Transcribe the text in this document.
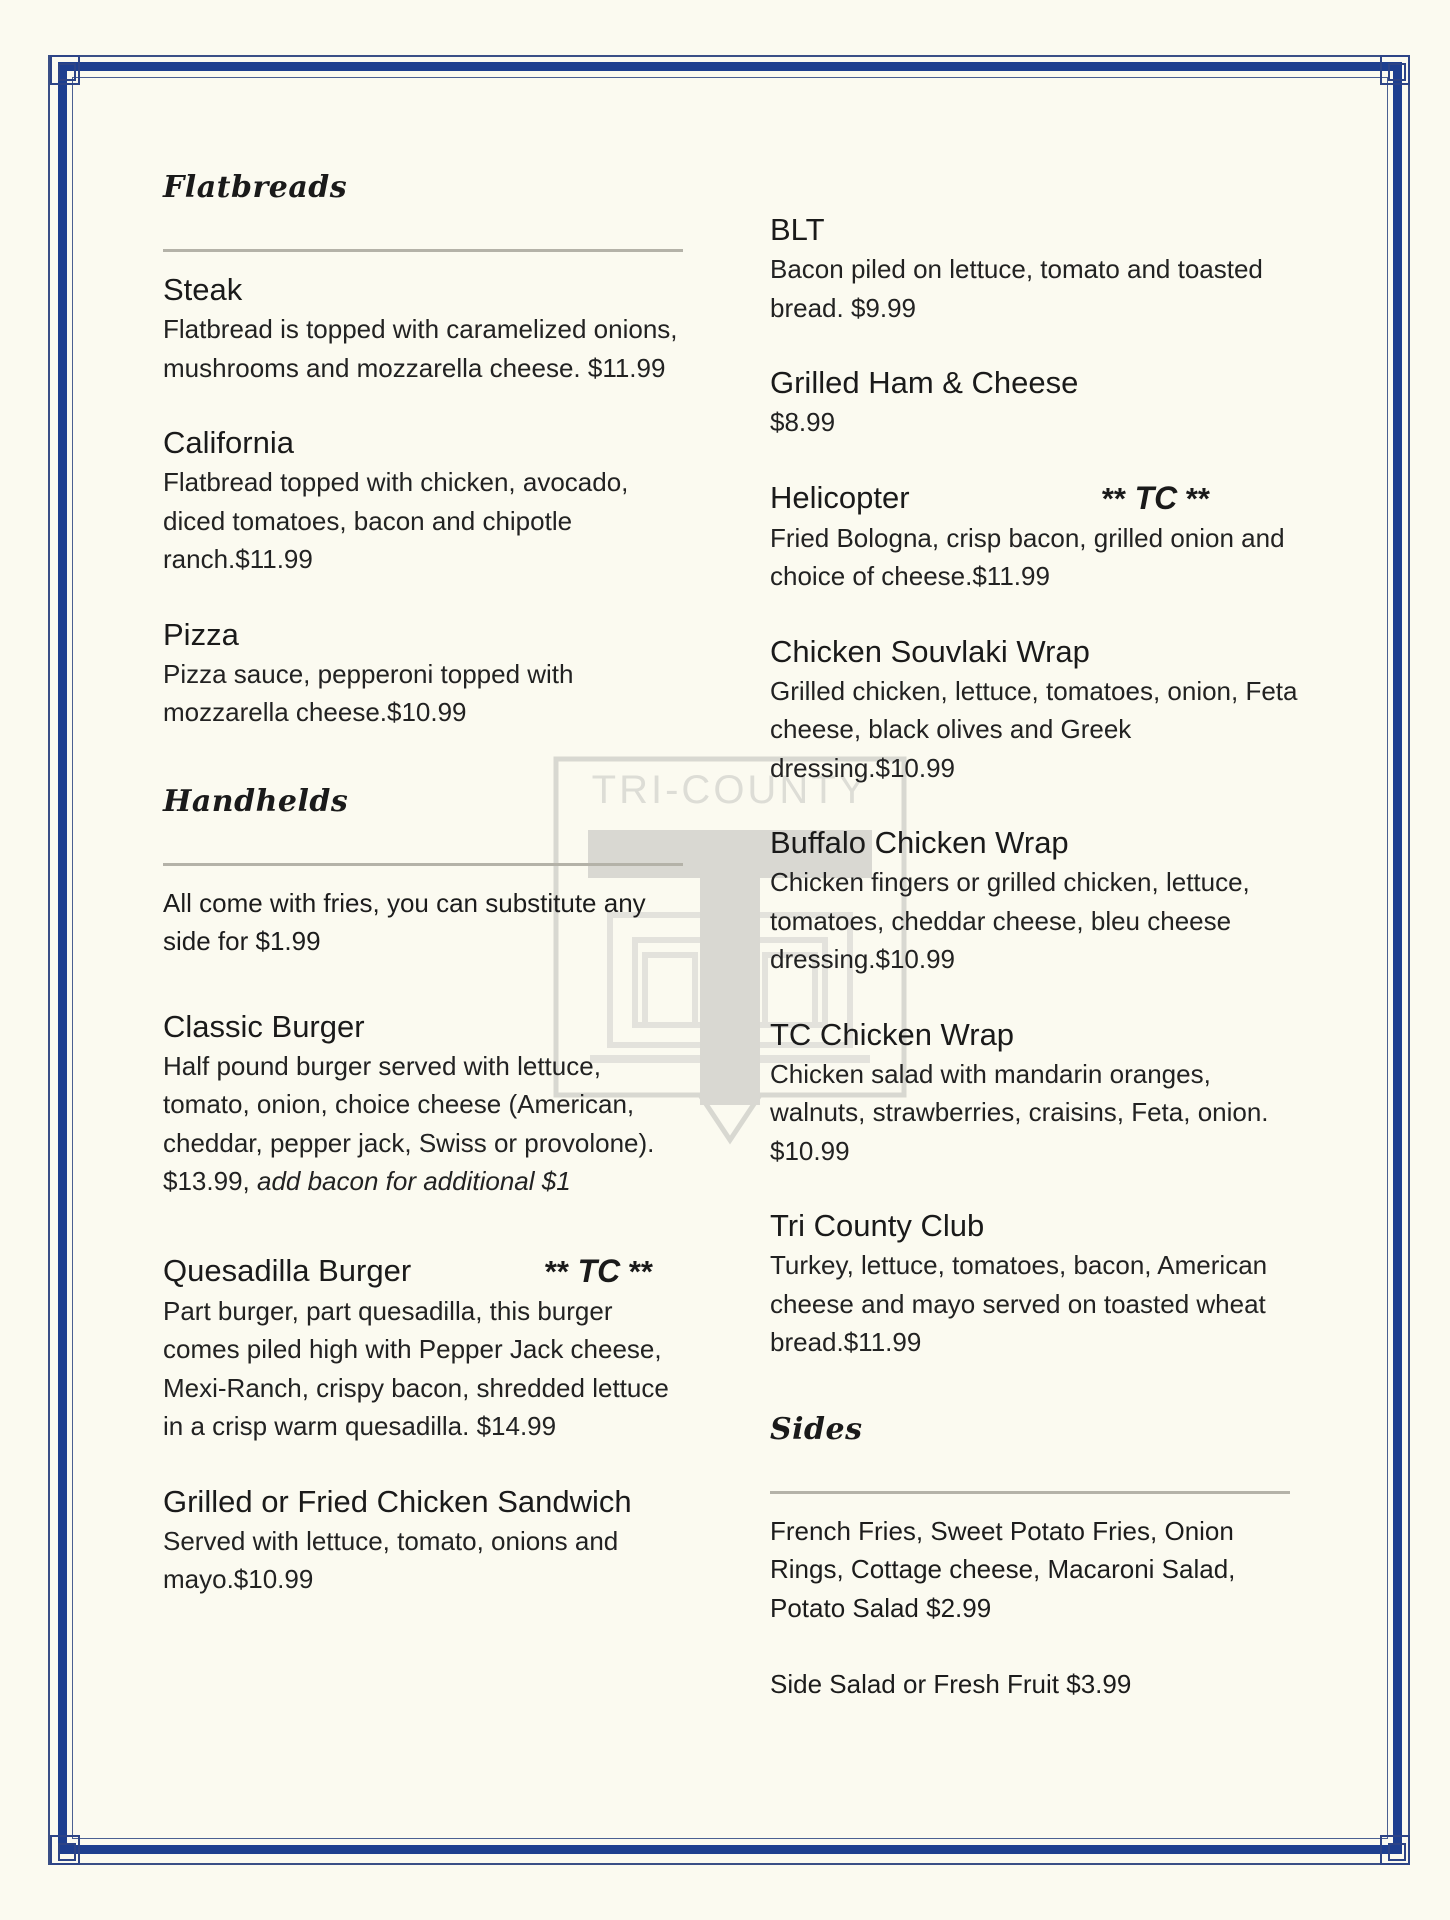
TRI-COUNTY
Flatbreads
Steak
Flatbread is topped with caramelized onions, mushrooms and mozzarella cheese. $11.99
California
Flatbread topped with chicken, avocado, diced tomatoes, bacon and chipotle ranch.$11.99
Pizza
Pizza sauce, pepperoni topped with mozzarella cheese.$10.99
Handhelds
All come with fries, you can substitute any side for $1.99
Classic Burger
Half pound burger served with lettuce, tomato, onion, choice cheese (American, cheddar, pepper jack, Swiss or provolone). $13.99, add bacon for additional $1
Quesadilla Burger	** TC **
Part burger, part quesadilla, this burger comes piled high with Pepper Jack cheese, Mexi-Ranch, crispy bacon, shredded lettuce in a crisp warm quesadilla. $14.99
Grilled or Fried Chicken Sandwich
Served with lettuce, tomato, onions and mayo.$10.99
BLT
Bacon piled on lettuce, tomato and toasted bread. $9.99
Grilled Ham & Cheese
$8.99
Helicopter	** TC **
Fried Bologna, crisp bacon, grilled onion and choice of cheese.$11.99
Chicken Souvlaki Wrap
Grilled chicken, lettuce, tomatoes, onion, Feta cheese, black olives and Greek dressing.$10.99
Buffalo Chicken Wrap
Chicken fingers or grilled chicken, lettuce, tomatoes, cheddar cheese, bleu cheese dressing.$10.99
TC Chicken Wrap
Chicken salad with mandarin oranges, walnuts, strawberries, craisins, Feta, onion. $10.99
Tri County Club
Turkey, lettuce, tomatoes, bacon, American cheese and mayo served on toasted wheat bread.$11.99
Sides
French Fries, Sweet Potato Fries, Onion Rings, Cottage cheese, Macaroni Salad, Potato Salad $2.99
Side Salad or Fresh Fruit $3.99
